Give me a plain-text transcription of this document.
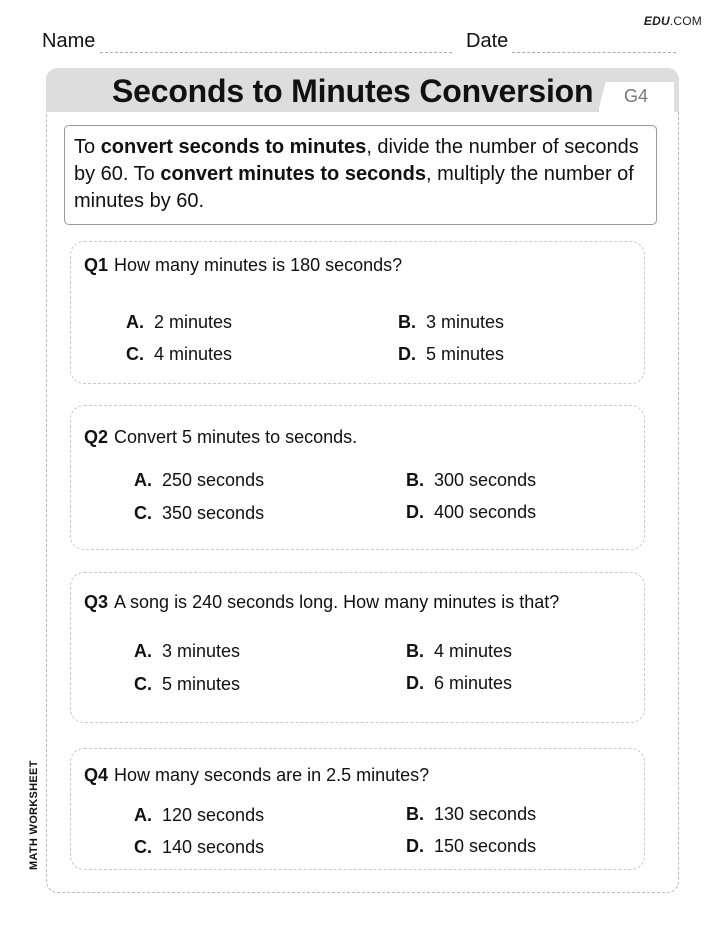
EDU.COM
Name	Date
MATH WORKSHEET
Seconds to Minutes Conversion G4
To convert seconds to minutes, divide the number of seconds by 60. To convert minutes to seconds, multiply the number of minutes by 60.
Q1 How many minutes is 180 seconds?
A. 2 minutes	B. 3 minutes
C. 4 minutes	D. 5 minutes
Q2 Convert 5 minutes to seconds.
A. 250 seconds	B. 300 seconds
C. 350 seconds	D. 400 seconds
Q3 A song is 240 seconds long. How many minutes is that?
A. 3 minutes	B. 4 minutes
C. 5 minutes	D. 6 minutes
Q4 How many seconds are in 2.5 minutes?
A. 120 seconds	B. 130 seconds
C. 140 seconds	D. 150 seconds
